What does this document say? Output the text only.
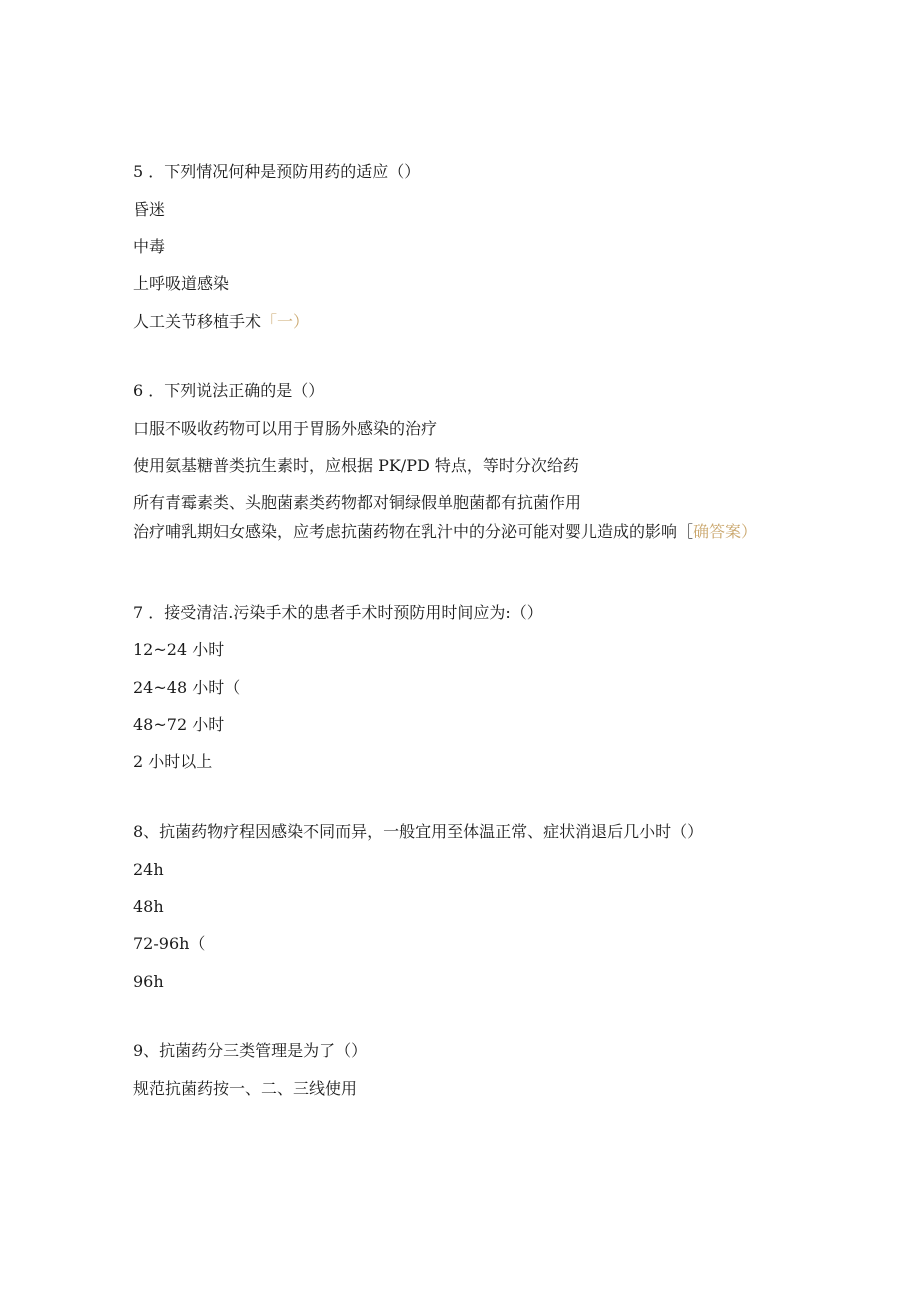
5 ．下列情况何种是预防用药的适应（）
昏迷
中毒
上呼吸道感染
人工关节移植手术「一）
6 ．下列说法正确的是（）
口服不吸收药物可以用于胃肠外感染的治疗
使用氨基糖普类抗生素时，应根据 PK/PD 特点，等时分次给药
所有青霉素类、头胞菌素类药物都对铜绿假单胞菌都有抗菌作用
治疗哺乳期妇女感染，应考虑抗菌药物在乳汁中的分泌可能对婴儿造成的影响［确答案）
7 ．接受清洁.污染手术的患者手术时预防用时间应为:（）
12~24 小时
24~48 小时（
48~72 小时
2 小时以上
8、抗菌药物疗程因感染不同而异，一般宜用至体温正常、症状消退后几小时（）
24h
48h
72-96h（
96h
9、抗菌药分三类管理是为了（）
规范抗菌药按一、二、三线使用
